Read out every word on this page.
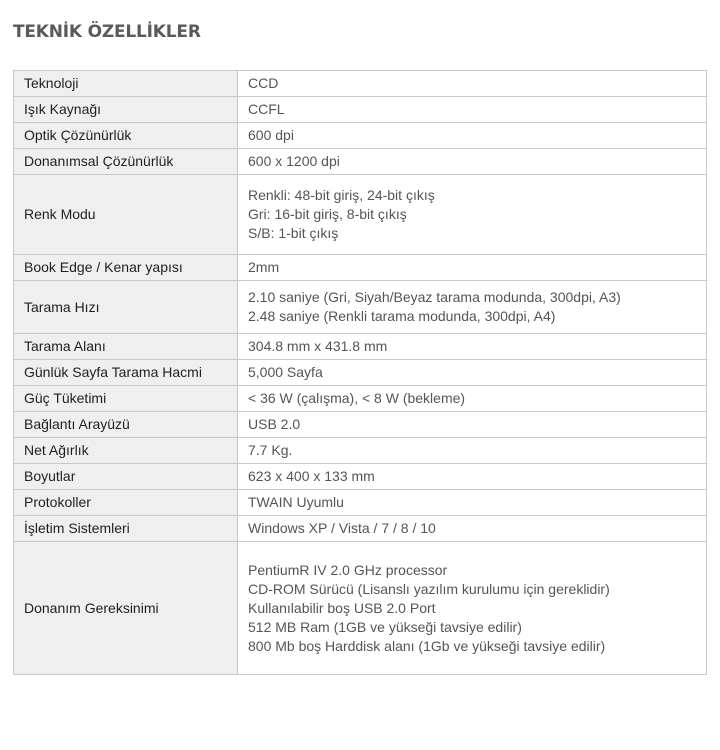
TEKNİK ÖZELLİKLER
Teknoloji	CCD

Işık Kaynağı	CCFL

Optik Çözünürlük	600 dpi

Donanımsal Çözünürlük	600 x 1200 dpi

Renk Modu	Renkli: 48-bit giriş, 24-bit çıkış
Gri: 16-bit giriş, 8-bit çıkış
S/B: 1-bit çıkış

Book Edge / Kenar yapısı	2mm

Tarama Hızı	2.10 saniye (Gri, Siyah/Beyaz tarama modunda, 300dpi, A3)
2.48 saniye (Renkli tarama modunda, 300dpi, A4)

Tarama Alanı	304.8 mm x 431.8 mm

Günlük Sayfa Tarama Hacmi	5,000 Sayfa

Güç Tüketimi	< 36 W (çalışma), < 8 W (bekleme)

Bağlantı Arayüzü	USB 2.0

Net Ağırlık	7.7 Kg.

Boyutlar	623 x 400 x 133 mm

Protokoller	TWAIN Uyumlu

İşletim Sistemleri	Windows XP / Vista / 7 / 8 / 10

Donanım Gereksinimi	PentiumR IV 2.0 GHz processor
CD-ROM Sürücü (Lisanslı yazılım kurulumu için gereklidir)
Kullanılabilir boş USB 2.0 Port
512 MB Ram (1GB ve yükseği tavsiye edilir)
800 Mb boş Harddisk alanı (1Gb ve yükseği tavsiye edilir)
